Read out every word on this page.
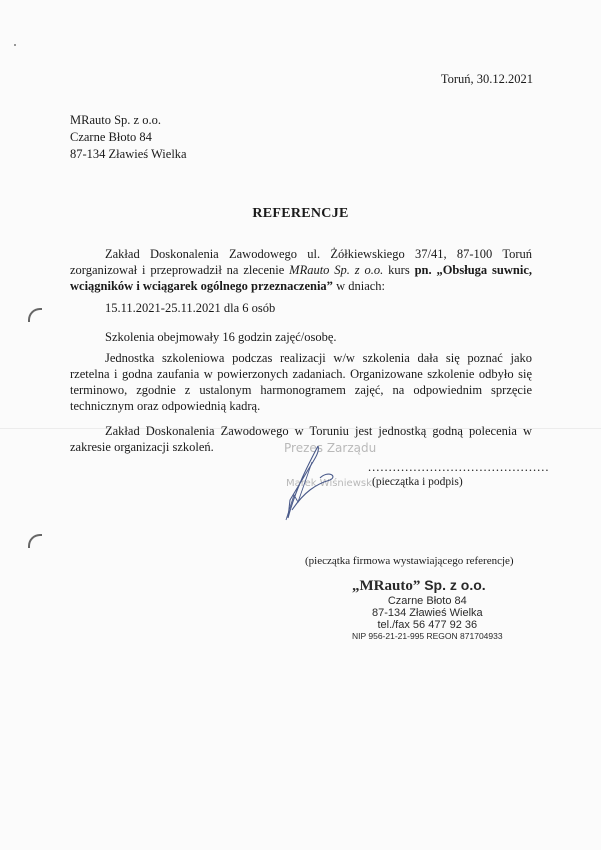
Toruń, 30.12.2021
MRauto Sp. z o.o.
Czarne Błoto 84
87-134 Zławieś Wielka
REFERENCJE
Zakład Doskonalenia Zawodowego ul. Żółkiewskiego 37/41, 87-100 Toruń zorganizował i przeprowadził na zlecenie MRauto Sp. z o.o. kurs pn. „Obsługa suwnic, wciągników i wciągarek ogólnego przeznaczenia” w dniach:
15.11.2021-25.11.2021 dla 6 osób
Szkolenia obejmowały 16 godzin zajęć/osobę.
Jednostka szkoleniowa podczas realizacji w/w szkolenia dała się poznać jako rzetelna i godna zaufania w powierzonych zadaniach. Organizowane szkolenie odbyło się terminowo, zgodnie z ustalonym harmonogramem zajęć, na odpowiednim sprzęcie technicznym oraz odpowiednią kadrą.
Zakład Doskonalenia Zawodowego w Toruniu jest jednostką godną polecenia w zakresie organizacji szkoleń.	Prezes Zarządu
Marek Wiśniewski
............................................
(pieczątka i podpis)
(pieczątka firmowa wystawiającego referencje)
„MRauto” Sp. z o.o.
Czarne Błoto 84
87-134 Zławieś Wielka
tel./fax 56 477 92 36
NIP 956-21-21-995 REGON 871704933
